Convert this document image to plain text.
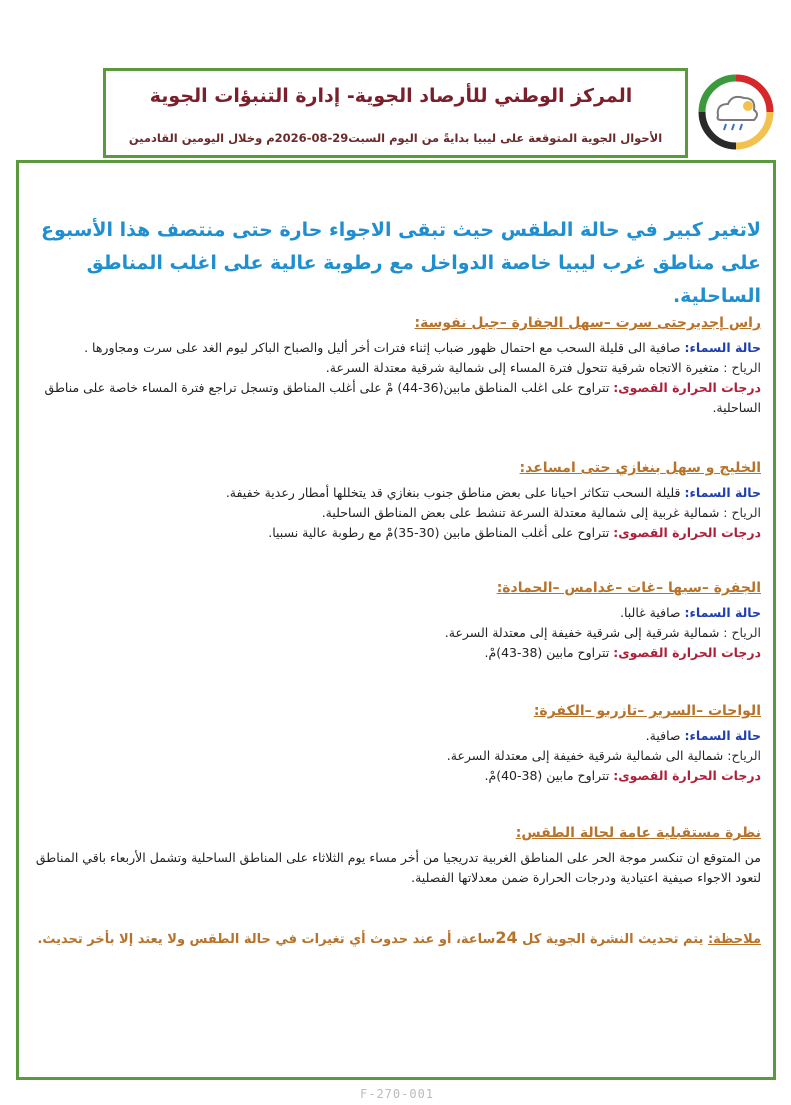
المركز الوطني للأرصاد الجوية- إدارة التنبؤات الجوية
الأحوال الجوية المتوقعة على ليبيا بدايةً من اليوم السبت29-08-2026م وخلال اليومين القادمين
لاتغير كبير في حالة الطقس حيث تبقى الاجواء حارة حتى منتصف هذا الأسبوع على مناطق غرب ليبيا خاصة الدواخل مع رطوبة عالية على اغلب المناطق الساحلية.
راس إجديرحتى سرت –سهل الجفارة –جبل نفوسة:

حالة السماء: صافية الى قليلة السحب مع احتمال ظهور ضباب إثناء فترات أخر أليل والصباح الباكر ليوم الغد على سرت ومجاورها .

الرياح : متغيرة الاتجاه شرقية تتحول فترة المساء إلى شمالية شرقية معتدلة السرعة.

درجات الحرارة القصوى: تتراوح على اغلب المناطق مابين(36-44) مْ على أغلب المناطق وتسجل تراجع فترة المساء خاصة على مناطق الساحلية.

الخليج و سهل بنغازي حتى امساعد:

حالة السماء: قليلة السحب تتكاثر احيانا على بعض مناطق جنوب بنغازي قد يتخللها أمطار رعدية خفيفة.

الرياح : شمالية غربية إلى شمالية معتدلة السرعة تنشط على بعض المناطق الساحلية.

درجات الحرارة القصوى: تتراوح على أغلب المناطق مابين (30-35)مْ مع رطوبة عالية نسبيا.

الجفرة –سبها –غات –غدامس –الحمادة:

حالة السماء: صافية غالبا.

الرياح : شمالية شرقية إلى شرقية خفيفة إلى معتدلة السرعة.

درجات الحرارة القصوى: تتراوح مابين (38-43)مْ.

الواحات –السرير –تازربو –الكفرة:

حالة السماء: صافية.

الرياح: شمالية الى شمالية شرقية خفيفة إلى معتدلة السرعة.

درجات الحرارة القصوى: تتراوح مابين (38-40)مْ.

نظرة مستقبلية عامة لحالة الطقس:

من المتوقع ان تنكسر موجة الحر على المناطق الغربية تدريجيا من أخر مساء يوم الثلاثاء على المناطق الساحلية وتشمل الأربعاء باقي المناطق لتعود الاجواء صيفية اعتيادية ودرجات الحرارة ضمن معدلاتها الفصلية.

ملاحظة: يتم تحديث النشرة الجوية كل 24ساعة، أو عند حدوث أي تغيرات في حالة الطقس ولا يعتد إلا بأخر تحديث.
F-270-001
